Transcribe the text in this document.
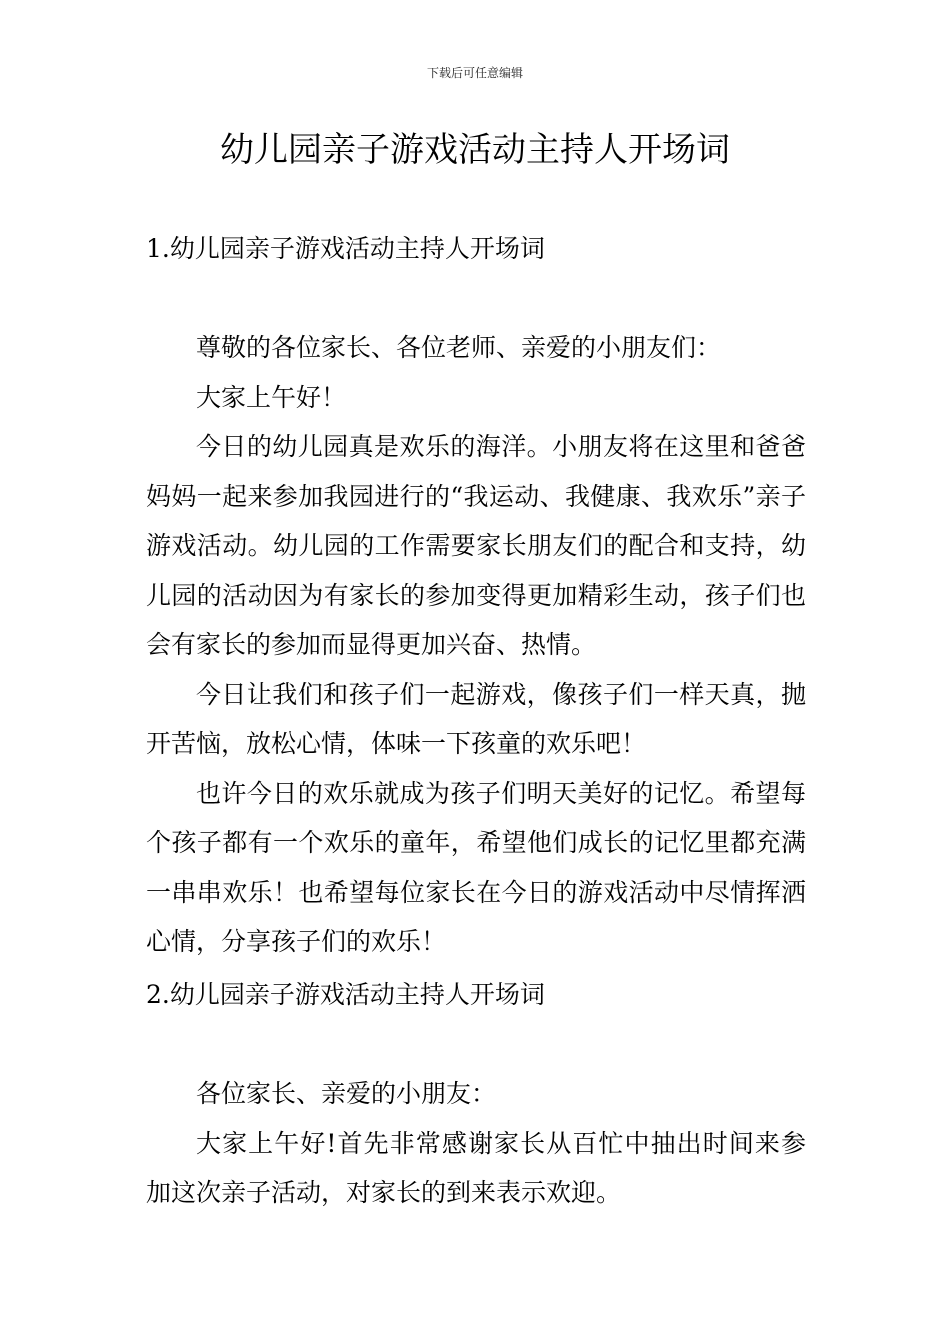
下载后可任意编辑
幼儿园亲子游戏活动主持人开场词
1.幼儿园亲子游戏活动主持人开场词

尊敬的各位家长、各位老师、亲爱的小朋友们：

大家上午好！

今日的幼儿园真是欢乐的海洋。小朋友将在这里和爸爸妈妈一起来参加我园进行的“我运动、我健康、我欢乐”亲子游戏活动。幼儿园的工作需要家长朋友们的配合和支持，幼儿园的活动因为有家长的参加变得更加精彩生动，孩子们也会有家长的参加而显得更加兴奋、热情。

今日让我们和孩子们一起游戏，像孩子们一样天真，抛开苦恼，放松心情，体味一下孩童的欢乐吧！

也许今日的欢乐就成为孩子们明天美好的记忆。希望每个孩子都有一个欢乐的童年，希望他们成长的记忆里都充满一串串欢乐！也希望每位家长在今日的游戏活动中尽情挥洒心情，分享孩子们的欢乐！

2.幼儿园亲子游戏活动主持人开场词

各位家长、亲爱的小朋友：

大家上午好!首先非常感谢家长从百忙中抽出时间来参加这次亲子活动，对家长的到来表示欢迎。
